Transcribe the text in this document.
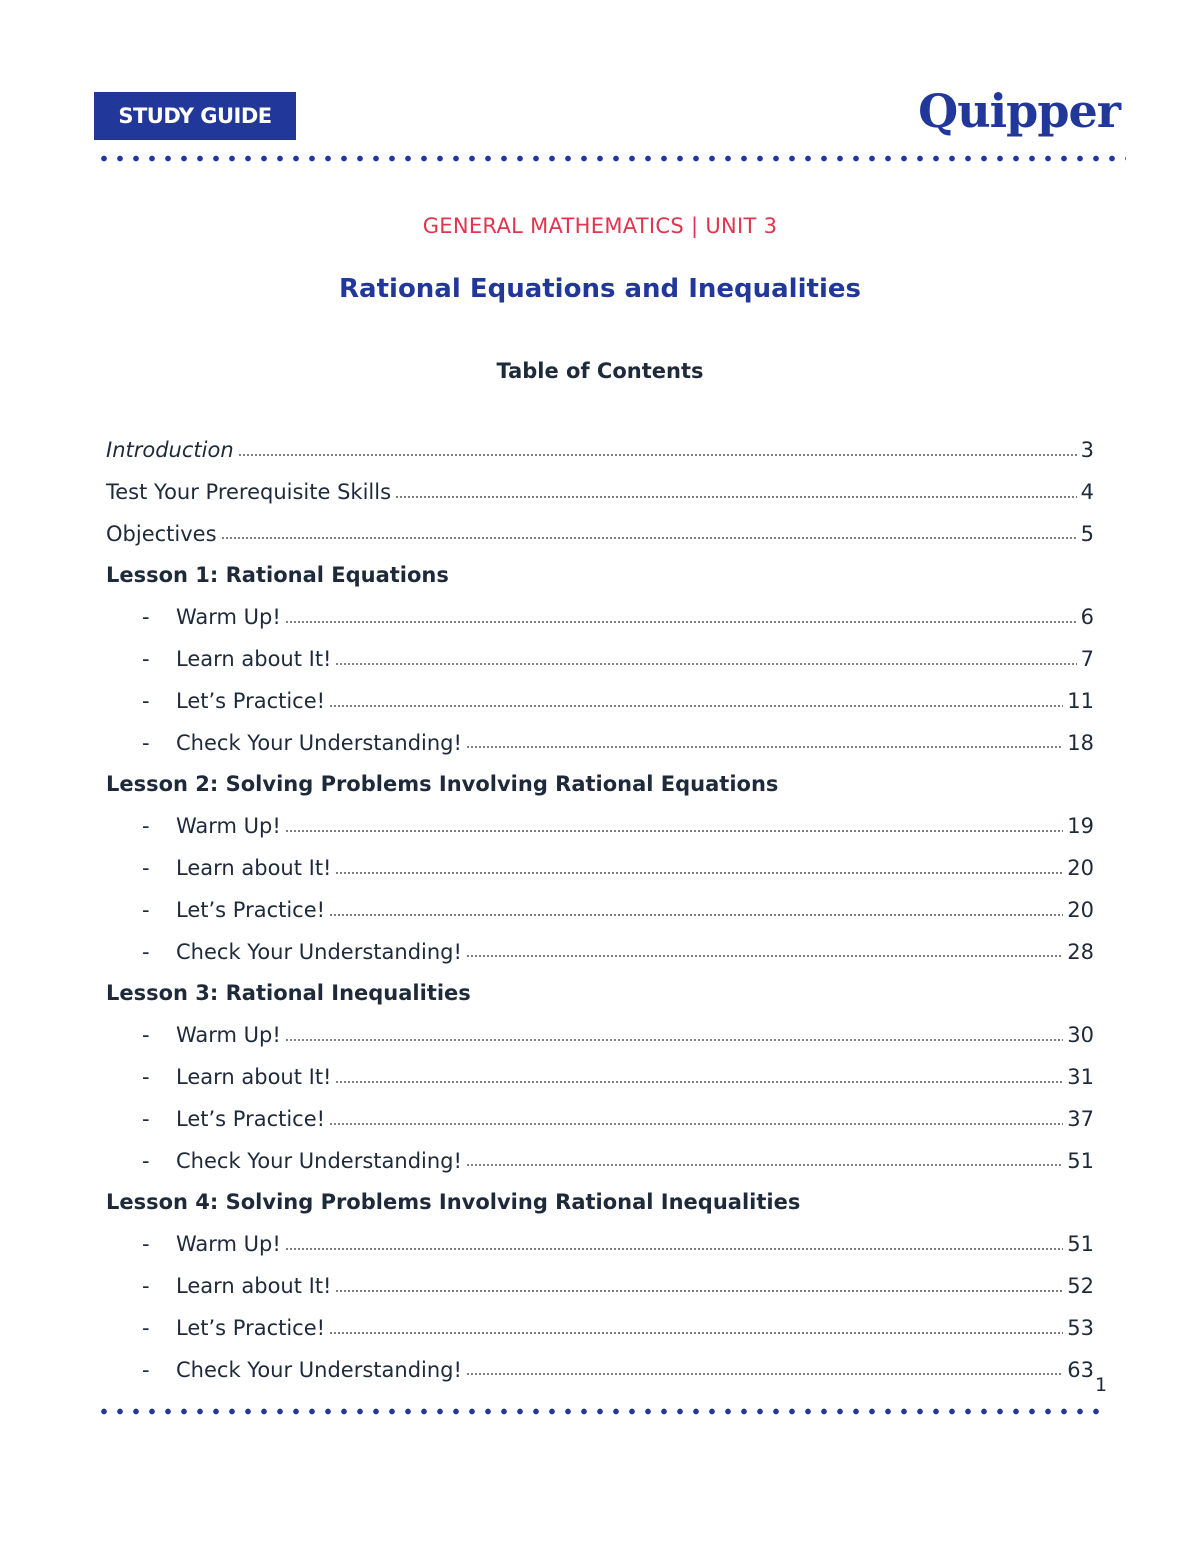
STUDY GUIDE	Quipper
GENERAL MATHEMATICS | UNIT 3
Rational Equations and Inequalities
Table of Contents
Introduction	3
Test Your Prerequisite Skills	4
Objectives	5
Lesson 1: Rational Equations
-	Warm Up!	6
-	Learn about It!	7
-	Let’s Practice!	11
-	Check Your Understanding!	18
Lesson 2: Solving Problems Involving Rational Equations
-	Warm Up!	19
-	Learn about It!	20
-	Let’s Practice!	20
-	Check Your Understanding!	28
Lesson 3: Rational Inequalities
-	Warm Up!	30
-	Learn about It!	31
-	Let’s Practice!	37
-	Check Your Understanding!	51
Lesson 4: Solving Problems Involving Rational Inequalities
-	Warm Up!	51
-	Learn about It!	52
-	Let’s Practice!	53
-	Check Your Understanding!	63
1
